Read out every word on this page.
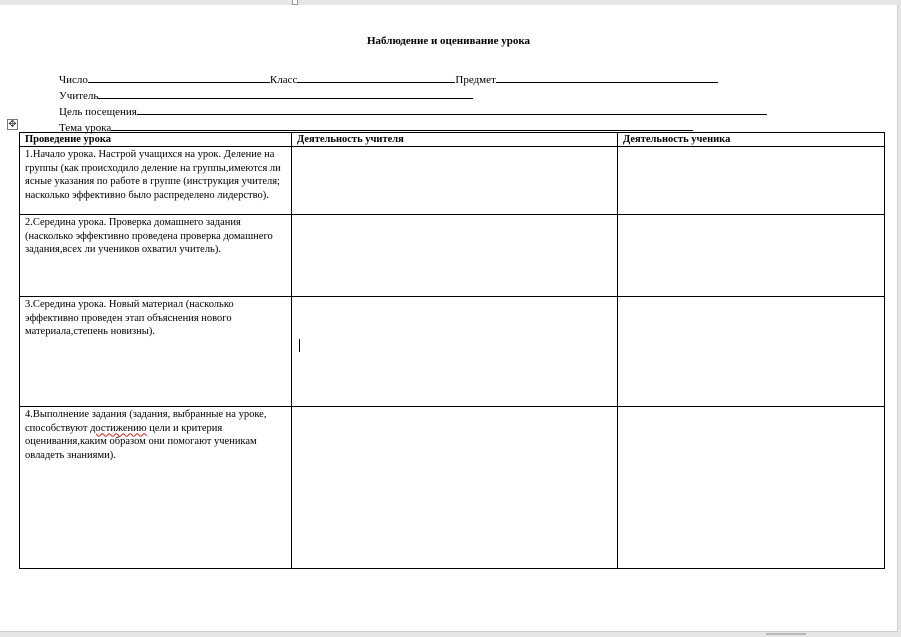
Наблюдение и оценивание урока
Число	Класс	Предмет
Учитель
Цель посещения
Тема урока
✥
Проведение урока	Деятельность учителя	Деятельность ученика
1.Начало урока. Настрой учащихся на урок. Деление на группы (как происходило деление на группы,имеются ли ясные указания по работе в группе (инструкция учителя; насколько эффективно было распределено лидерство).		
2.Середина урока. Проверка домашнего задания (насколько эффективно проведена проверка домашнего задания,всех ли учеников охватил учитель).		
3.Середина урока. Новый материал (насколько эффективно проведен этап объяснения нового материала,степень новизны).		
4.Выполнение задания (задания, выбранные на уроке, способствуют достижению цели и критерия оценивания,каким образом они помогают ученикам овладеть знаниями).		
